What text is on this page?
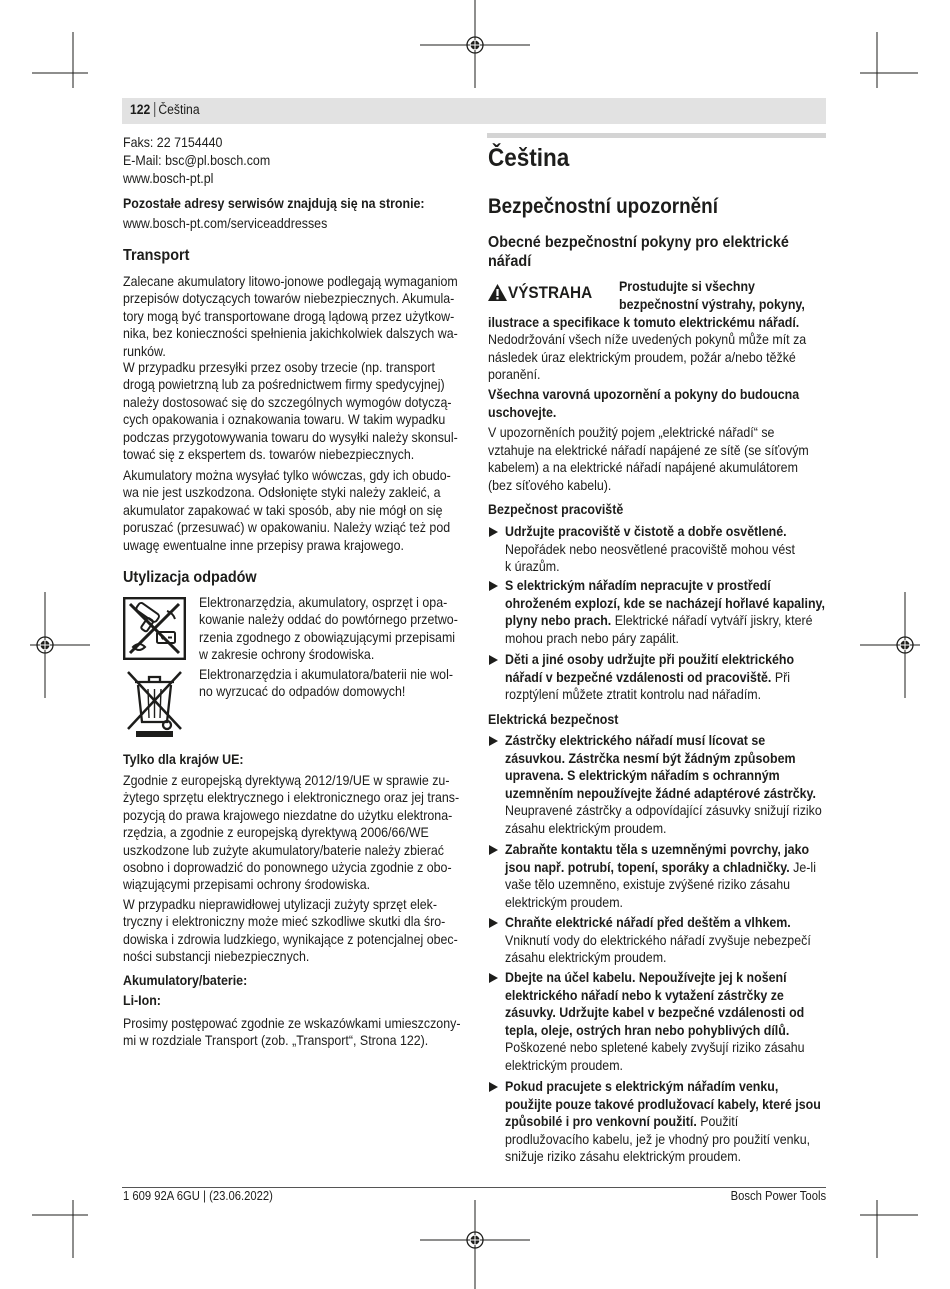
122 Čeština
Faks: 22 7154440
E-Mail: bsc@pl.bosch.com
www.bosch-pt.pl
Pozostałe adresy serwisów znajdują się na stronie:
www.bosch-pt.com/serviceaddresses
Transport
Zalecane akumulatory litowo-jonowe podlegają wymaganiom
przepisów dotyczących towarów niebezpiecznych. Akumula-
tory mogą być transportowane drogą lądową przez użytkow-
nika, bez konieczności spełnienia jakichkolwiek dalszych wa-
runków.
W przypadku przesyłki przez osoby trzecie (np. transport
drogą powietrzną lub za pośrednictwem firmy spedycyjnej)
należy dostosować się do szczególnych wymogów dotyczą-
cych opakowania i oznakowania towaru. W takim wypadku
podczas przygotowywania towaru do wysyłki należy skonsul-
tować się z ekspertem ds. towarów niebezpiecznych.
Akumulatory można wysyłać tylko wówczas, gdy ich obudo-
wa nie jest uszkodzona. Odsłonięte styki należy zakleić, a
akumulator zapakować w taki sposób, aby nie mógł on się
poruszać (przesuwać) w opakowaniu. Należy wziąć też pod
uwagę ewentualne inne przepisy prawa krajowego.
Utylizacja odpadów
Elektronarzędzia, akumulatory, osprzęt i opa-
kowanie należy oddać do powtórnego przetwo-
rzenia zgodnego z obowiązującymi przepisami
w zakresie ochrony środowiska.
Elektronarzędzia i akumulatora/baterii nie wol-
no wyrzucać do odpadów domowych!
Tylko dla krajów UE:
Zgodnie z europejską dyrektywą 2012/19/UE w sprawie zu-
żytego sprzętu elektrycznego i elektronicznego oraz jej trans-
pozycją do prawa krajowego niezdatne do użytku elektrona-
rzędzia, a zgodnie z europejską dyrektywą 2006/66/WE
uszkodzone lub zużyte akumulatory/baterie należy zbierać
osobno i doprowadzić do ponownego użycia zgodnie z obo-
wiązującymi przepisami ochrony środowiska.
W przypadku nieprawidłowej utylizacji zużyty sprzęt elek-
tryczny i elektroniczny może mieć szkodliwe skutki dla śro-
dowiska i zdrowia ludzkiego, wynikające z potencjalnej obec-
ności substancji niebezpiecznych.
Akumulatory/baterie:
Li-Ion:
Prosimy postępować zgodnie ze wskazówkami umieszczony-
mi w rozdziale Transport (zob. „Transport“, Strona 122).
Čeština
Bezpečnostní upozornění
Obecné bezpečnostní pokyny pro elektrické
nářadí
VÝSTRAHA Prostudujte si všechny
bezpečnostní výstrahy, pokyny,
ilustrace a specifikace k tomuto elektrickému nářadí.
Nedodržování všech níže uvedených pokynů může mít za
následek úraz elektrickým proudem, požár a/nebo těžké
poranění.
Všechna varovná upozornění a pokyny do budoucna
uschovejte.
V upozorněních použitý pojem „elektrické nářadí“ se
vztahuje na elektrické nářadí napájené ze sítě (se síťovým
kabelem) a na elektrické nářadí napájené akumulátorem
(bez síťového kabelu).
Bezpečnost pracoviště
Udržujte pracoviště v čistotě a dobře osvětlené.
Nepořádek nebo neosvětlené pracoviště mohou vést
k úrazům.
S elektrickým nářadím nepracujte v prostředí
ohroženém explozí, kde se nacházejí hořlavé kapaliny,
plyny nebo prach. Elektrické nářadí vytváří jiskry, které
mohou prach nebo páry zapálit.
Děti a jiné osoby udržujte při použití elektrického
nářadí v bezpečné vzdálenosti od pracoviště. Při
rozptýlení můžete ztratit kontrolu nad nářadím.
Elektrická bezpečnost
Zástrčky elektrického nářadí musí lícovat se
zásuvkou. Zástrčka nesmí být žádným způsobem
upravena. S elektrickým nářadím s ochranným
uzemněním nepoužívejte žádné adaptérové zástrčky.
Neupravené zástrčky a odpovídající zásuvky snižují riziko
zásahu elektrickým proudem.
Zabraňte kontaktu těla s uzemněnými povrchy, jako
jsou např. potrubí, topení, sporáky a chladničky. Je-li
vaše tělo uzemněno, existuje zvýšené riziko zásahu
elektrickým proudem.
Chraňte elektrické nářadí před deštěm a vlhkem.
Vniknutí vody do elektrického nářadí zvyšuje nebezpečí
zásahu elektrickým proudem.
Dbejte na účel kabelu. Nepoužívejte jej k nošení
elektrického nářadí nebo k vytažení zástrčky ze
zásuvky. Udržujte kabel v bezpečné vzdálenosti od
tepla, oleje, ostrých hran nebo pohyblivých dílů.
Poškozené nebo spletené kabely zvyšují riziko zásahu
elektrickým proudem.
Pokud pracujete s elektrickým nářadím venku,
použijte pouze takové prodlužovací kabely, které jsou
způsobilé i pro venkovní použití. Použití
prodlužovacího kabelu, jež je vhodný pro použití venku,
snižuje riziko zásahu elektrickým proudem.
1 609 92A 6GU | (23.06.2022)	Bosch Power Tools
